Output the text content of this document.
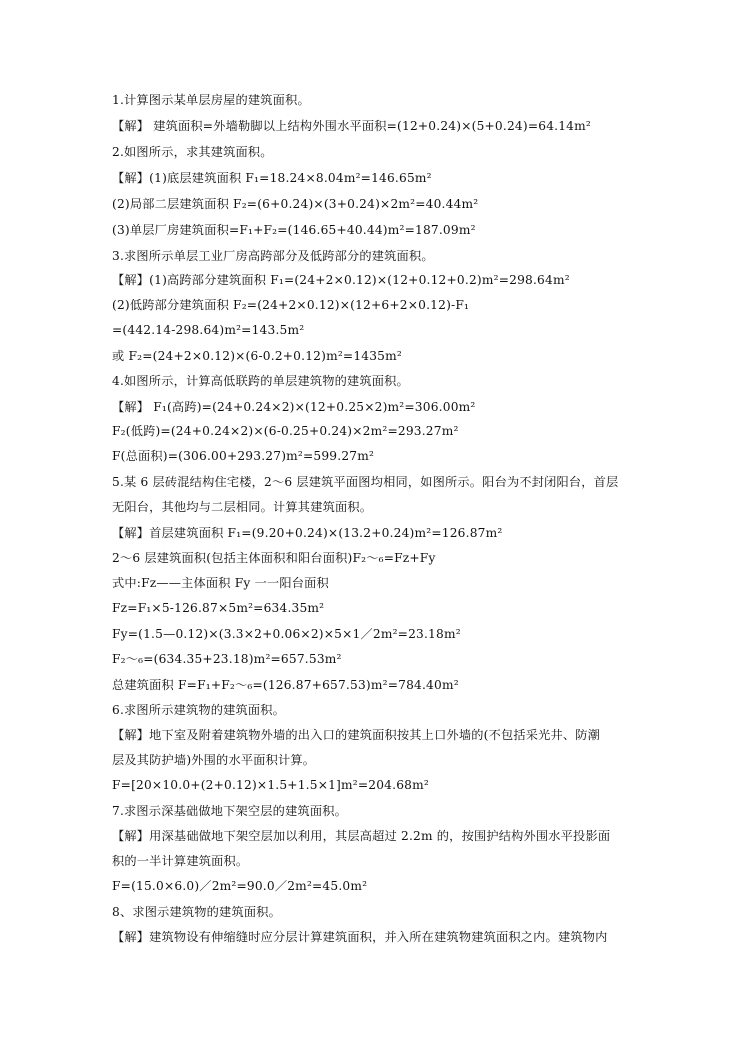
1.计算图示某单层房屋的建筑面积。
【解】 建筑面积=外墙勒脚以上结构外围水平面积=(12+0.24)×(5+0.24)=64.14m²
2.如图所示，求其建筑面积。
【解】(1)底层建筑面积 F₁=18.24×8.04m²=146.65m²
(2)局部二层建筑面积 F₂=(6+0.24)×(3+0.24)×2m²=40.44m²
(3)单层厂房建筑面积=F₁+F₂=(146.65+40.44)m²=187.09m²
3.求图所示单层工业厂房高跨部分及低跨部分的建筑面积。
【解】(1)高跨部分建筑面积 F₁=(24+2×0.12)×(12+0.12+0.2)m²=298.64m²
(2)低跨部分建筑面积 F₂=(24+2×0.12)×(12+6+2×0.12)-F₁
=(442.14-298.64)m²=143.5m²
或 F₂=(24+2×0.12)×(6-0.2+0.12)m²=1435m²
4.如图所示，计算高低联跨的单层建筑物的建筑面积。
【解】 F₁(高跨)=(24+0.24×2)×(12+0.25×2)m²=306.00m²
F₂(低跨)=(24+0.24×2)×(6-0.25+0.24)×2m²=293.27m²
F(总面积)=(306.00+293.27)m²=599.27m²
5.某 6 层砖混结构住宅楼，2～6 层建筑平面图均相同，如图所示。阳台为不封闭阳台，首层
无阳台，其他均与二层相同。计算其建筑面积。
【解】首层建筑面积 F₁=(9.20+0.24)×(13.2+0.24)m²=126.87m²
2～6 层建筑面积(包括主体面积和阳台面积)F₂～₆=Fz+Fy
式中:Fz——主体面积 Fy 一一阳台面积
Fz=F₁×5-126.87×5m²=634.35m²
Fy=(1.5—0.12)×(3.3×2+0.06×2)×5×1／2m²=23.18m²
F₂～₆=(634.35+23.18)m²=657.53m²
总建筑面积 F=F₁+F₂～₆=(126.87+657.53)m²=784.40m²
6.求图所示建筑物的建筑面积。
【解】地下室及附着建筑物外墙的出入口的建筑面积按其上口外墙的(不包括采光井、防潮
层及其防护墙)外围的水平面积计算。
F=[20×10.0+(2+0.12)×1.5+1.5×1]m²=204.68m²
7.求图示深基础做地下架空层的建筑面积。
【解】用深基础做地下架空层加以利用，其层高超过 2.2m 的，按围护结构外围水平投影面
积的一半计算建筑面积。
F=(15.0×6.0)／2m²=90.0／2m²=45.0m²
8、求图示建筑物的建筑面积。
【解】建筑物设有伸缩缝时应分层计算建筑面积，并入所在建筑物建筑面积之内。建筑物内
